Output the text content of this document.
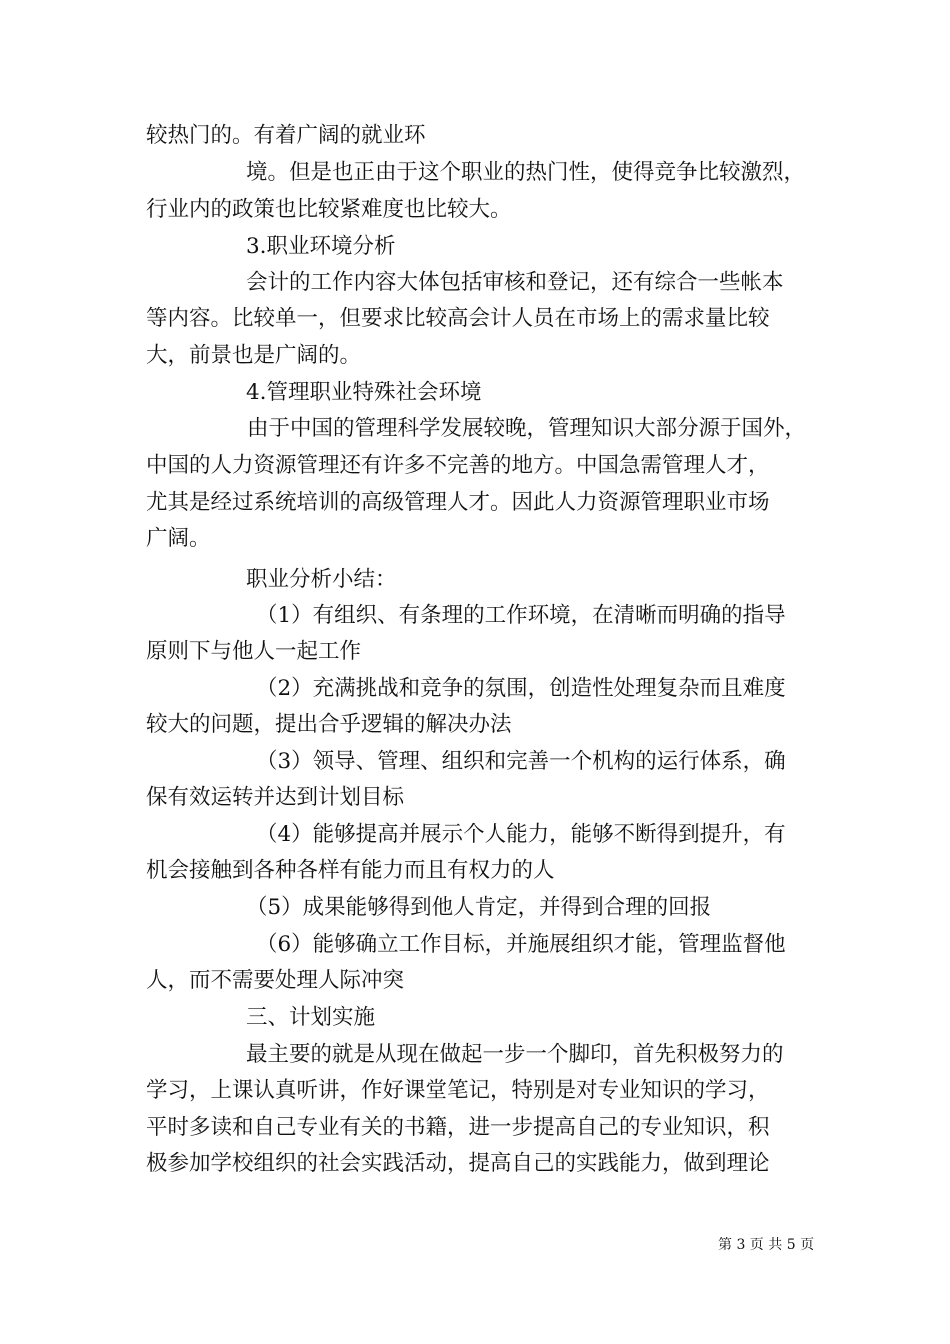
较热门的。有着广阔的就业环
境。但是也正由于这个职业的热门性，使得竞争比较激烈，
行业内的政策也比较紧难度也比较大。
3.职业环境分析
会计的工作内容大体包括审核和登记，还有综合一些帐本
等内容。比较单一，但要求比较高会计人员在市场上的需求量比较
大，前景也是广阔的。
4.管理职业特殊社会环境
由于中国的管理科学发展较晚，管理知识大部分源于国外，
中国的人力资源管理还有许多不完善的地方。中国急需管理人才，
尤其是经过系统培训的高级管理人才。因此人力资源管理职业市场
广阔。
职业分析小结：
（1）有组织、有条理的工作环境，在清晰而明确的指导
原则下与他人一起工作
（2）充满挑战和竞争的氛围，创造性处理复杂而且难度
较大的问题，提出合乎逻辑的解决办法
（3）领导、管理、组织和完善一个机构的运行体系，确
保有效运转并达到计划目标
（4）能够提高并展示个人能力，能够不断得到提升，有
机会接触到各种各样有能力而且有权力的人
（5）成果能够得到他人肯定，并得到合理的回报
（6）能够确立工作目标，并施展组织才能，管理监督他
人，而不需要处理人际冲突
三、计划实施
最主要的就是从现在做起一步一个脚印，首先积极努力的
学习，上课认真听讲，作好课堂笔记，特别是对专业知识的学习，
平时多读和自己专业有关的书籍，进一步提高自己的专业知识，积
极参加学校组织的社会实践活动，提高自己的实践能力，做到理论
第 3 页 共 5 页
